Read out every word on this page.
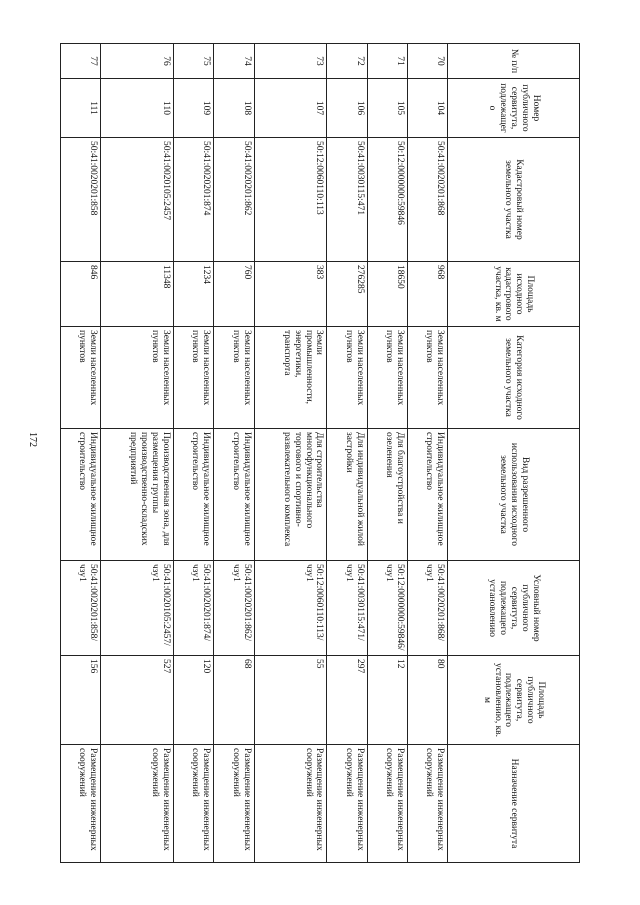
172
№ п/п	Номер публичного сервитута, подлежащего	Кадастровый номер земельного участка	Площадь исходного кадастрового участка, кв. м	Категория исходного земельного участка	Вид разрешенного использования исходного земельного участка	Условный номер публичного сервитута, подлежащего установлению	Площадь публичного сервитута, подлежащего установлению, кв. м	Назначение сервитута
70	104	50:41:0020201:868	968	Земли населенных пунктов	Индивидуальное жилищное строительство	50:41:0020201:868/чзу1	80	Размещение инженерных сооружений
71	105	50:12:0000000:59846	18650	Земли населенных пунктов	Для благоустройства и озеленения	50:12:0000000:59846/чзу1	12	Размещение инженерных сооружений
72	106	50:41:0030115:471	276285	Земли населенных пунктов	Для индивидуальной жилой застройки	50:41:0030115:471/чзу1	297	Размещение инженерных сооружений
73	107	50:12:0060110:113	383	Земли промышленности, энергетики, транспорта	Для строительства многофункционального торгового и спортивно-развлекательного комплекса	50:12:0060110:113/чзу1	55	Размещение инженерных сооружений
74	108	50:41:0020201:862	760	Земли населенных пунктов	Индивидуальное жилищное строительство	50:41:0020201:862/чзу1	68	Размещение инженерных сооружений
75	109	50:41:0020201:874	1234	Земли населенных пунктов	Индивидуальное жилищное строительство	50:41:0020201:874/чзу1	120	Размещение инженерных сооружений
76	110	50:41:0020105:2457	11348	Земли населенных пунктов	Производственная зона, для размещения группы производственно-складских предприятий	50:41:0020105:2457/чзу1	527	Размещение инженерных сооружений
77	111	50:41:0020201:858	846	Земли населенных пунктов	Индивидуальное жилищное строительство	50:41:0020201:858/чзу1	156	Размещение инженерных сооружений
